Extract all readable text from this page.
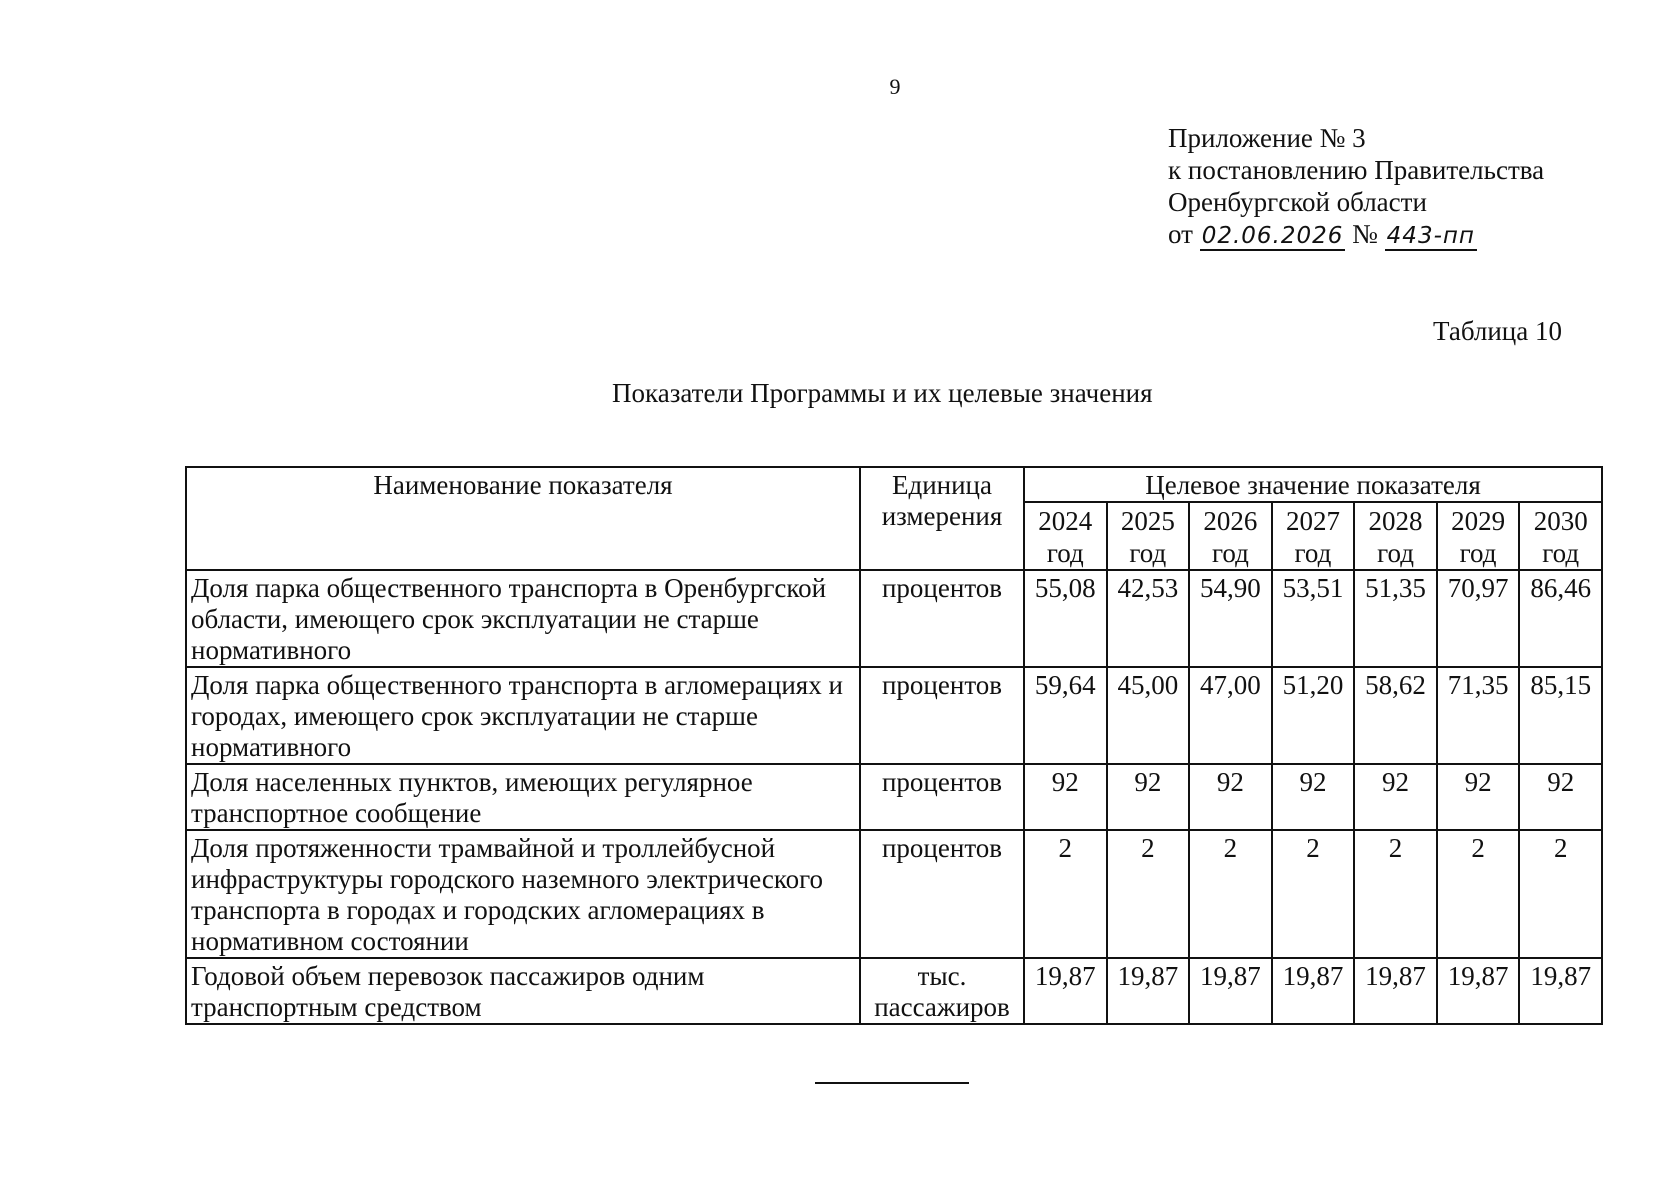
9
Приложение № 3
к постановлению Правительства
Оренбургской области
от 02.06.2026 № 443-пп
Таблица 10
Показатели Программы и их целевые значения
Наименование показателя	Единица измерения	Целевое значение показателя						
		2024 год	2025 год	2026 год	2027 год	2028 год	2029 год	2030 год
Доля парка общественного транспорта в Оренбургской области, имеющего срок эксплуатации не старше нормативного	процентов	55,08	42,53	54,90	53,51	51,35	70,97	86,46
Доля парка общественного транспорта в агломерациях и городах, имеющего срок эксплуатации не старше нормативного	процентов	59,64	45,00	47,00	51,20	58,62	71,35	85,15
Доля населенных пунктов, имеющих регулярное транспортное сообщение	процентов	92	92	92	92	92	92	92
Доля протяженности трамвайной и троллейбусной инфраструктуры городского наземного электрического транспорта в городах и городских агломерациях в нормативном состоянии	процентов	2	2	2	2	2	2	2
Годовой объем перевозок пассажиров одним транспортным средством	тыс. пассажиров	19,87	19,87	19,87	19,87	19,87	19,87	19,87
